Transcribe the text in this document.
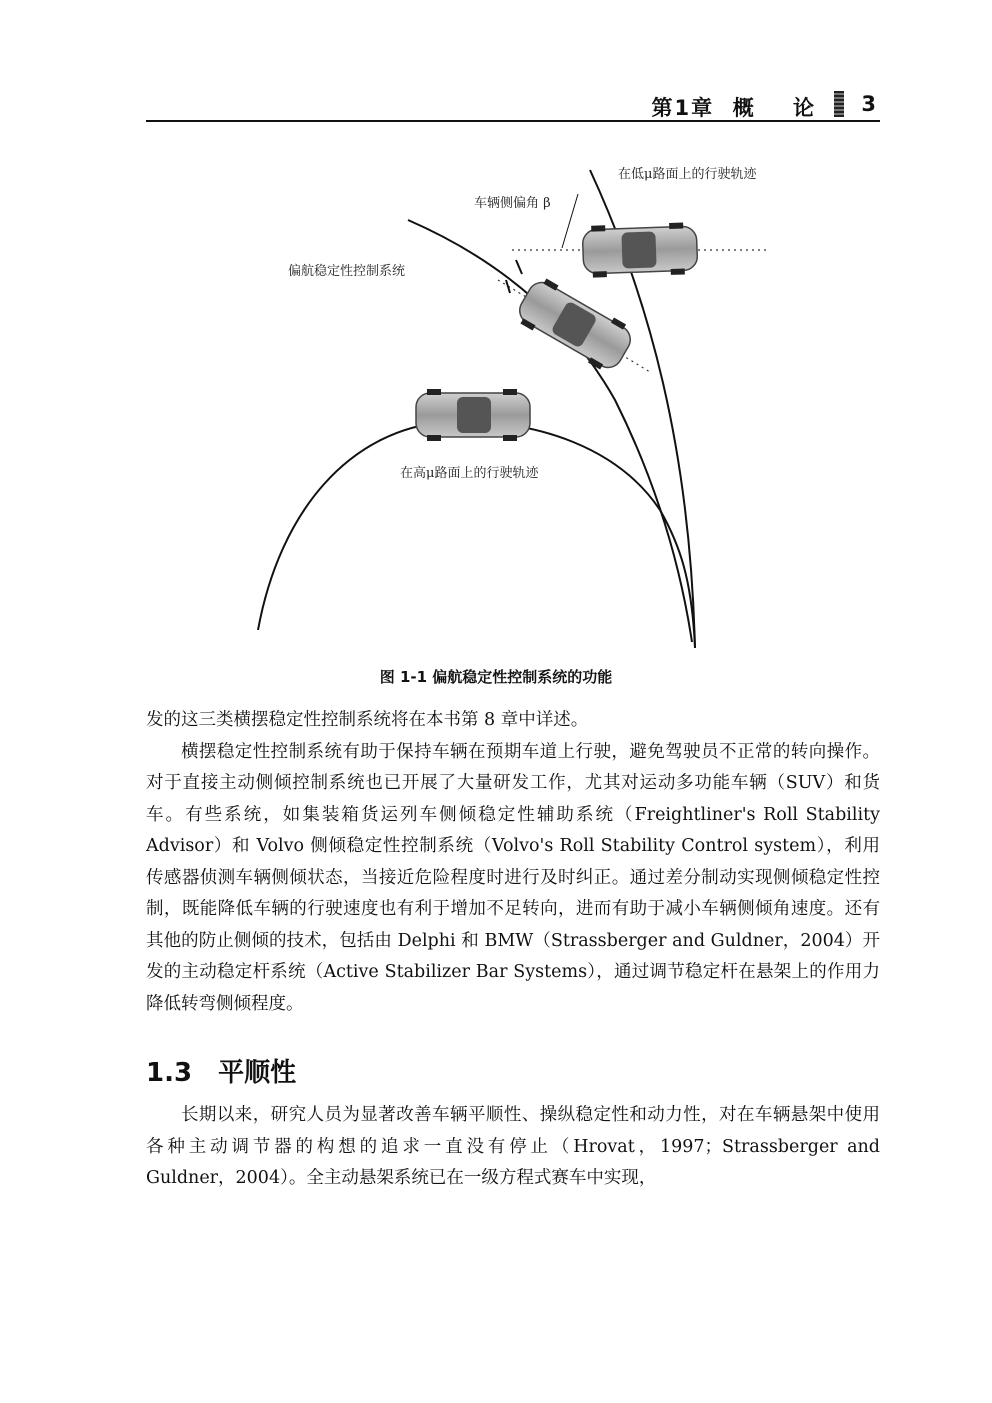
第1章  概    论 3
在低μ路面上的行驶轨迹
车辆侧偏角 β
偏航稳定性控制系统
在高μ路面上的行驶轨迹
图 1-1 偏航稳定性控制系统的功能

发的这三类横摆稳定性控制系统将在本书第 8 章中详述。

横摆稳定性控制系统有助于保持车辆在预期车道上行驶，避免驾驶员不正常的转向操作。对于直接主动侧倾控制系统也已开展了大量研发工作，尤其对运动多功能车辆（SUV）和货车。有些系统，如集装箱货运列车侧倾稳定性辅助系统（Freightliner's Roll Stability Advisor）和 Volvo 侧倾稳定性控制系统（Volvo's Roll Stability Control system），利用传感器侦测车辆侧倾状态，当接近危险程度时进行及时纠正。通过差分制动实现侧倾稳定性控制，既能降低车辆的行驶速度也有利于增加不足转向，进而有助于减小车辆侧倾角速度。还有其他的防止侧倾的技术，包括由 Delphi 和 BMW（Strassberger and Guldner，2004）开发的主动稳定杆系统（Active Stabilizer Bar Systems），通过调节稳定杆在悬架上的作用力降低转弯侧倾程度。

1.3 平顺性

长期以来，研究人员为显著改善车辆平顺性、操纵稳定性和动力性，对在车辆悬架中使用各种主动调节器的构想的追求一直没有停止（Hrovat，1997；Strassberger and Guldner，2004）。全主动悬架系统已在一级方程式赛车中实现，
